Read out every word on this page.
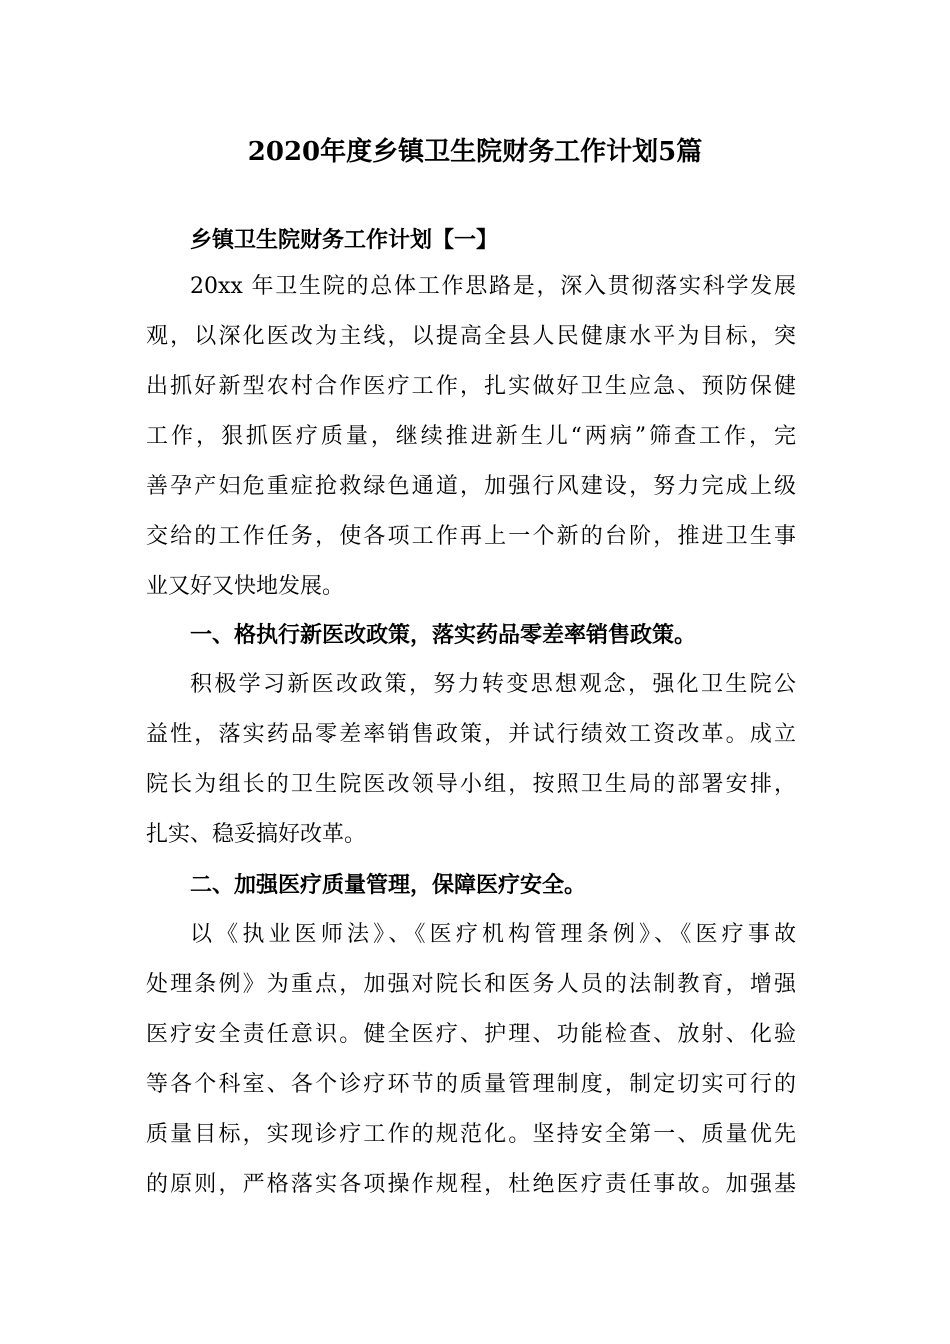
2020年度乡镇卫生院财务工作计划5篇
乡镇卫生院财务工作计划【一】
20xx 年卫生院的总体工作思路是，深入贯彻落实科学发展
观，以深化医改为主线，以提高全县人民健康水平为目标，突
出抓好新型农村合作医疗工作，扎实做好卫生应急、预防保健
工作，狠抓医疗质量，继续推进新生儿“两病”筛查工作，完
善孕产妇危重症抢救绿色通道，加强行风建设，努力完成上级
交给的工作任务，使各项工作再上一个新的台阶，推进卫生事
业又好又快地发展。
一、格执行新医改政策，落实药品零差率销售政策。
积极学习新医改政策，努力转变思想观念，强化卫生院公
益性，落实药品零差率销售政策，并试行绩效工资改革。成立
院长为组长的卫生院医改领导小组，按照卫生局的部署安排，
扎实、稳妥搞好改革。
二、加强医疗质量管理，保障医疗安全。
以《执业医师法》、《医疗机构管理条例》、《医疗事故
处理条例》为重点，加强对院长和医务人员的法制教育，增强
医疗安全责任意识。健全医疗、护理、功能检查、放射、化验
等各个科室、各个诊疗环节的质量管理制度，制定切实可行的
质量目标，实现诊疗工作的规范化。坚持安全第一、质量优先
的原则，严格落实各项操作规程，杜绝医疗责任事故。加强基
